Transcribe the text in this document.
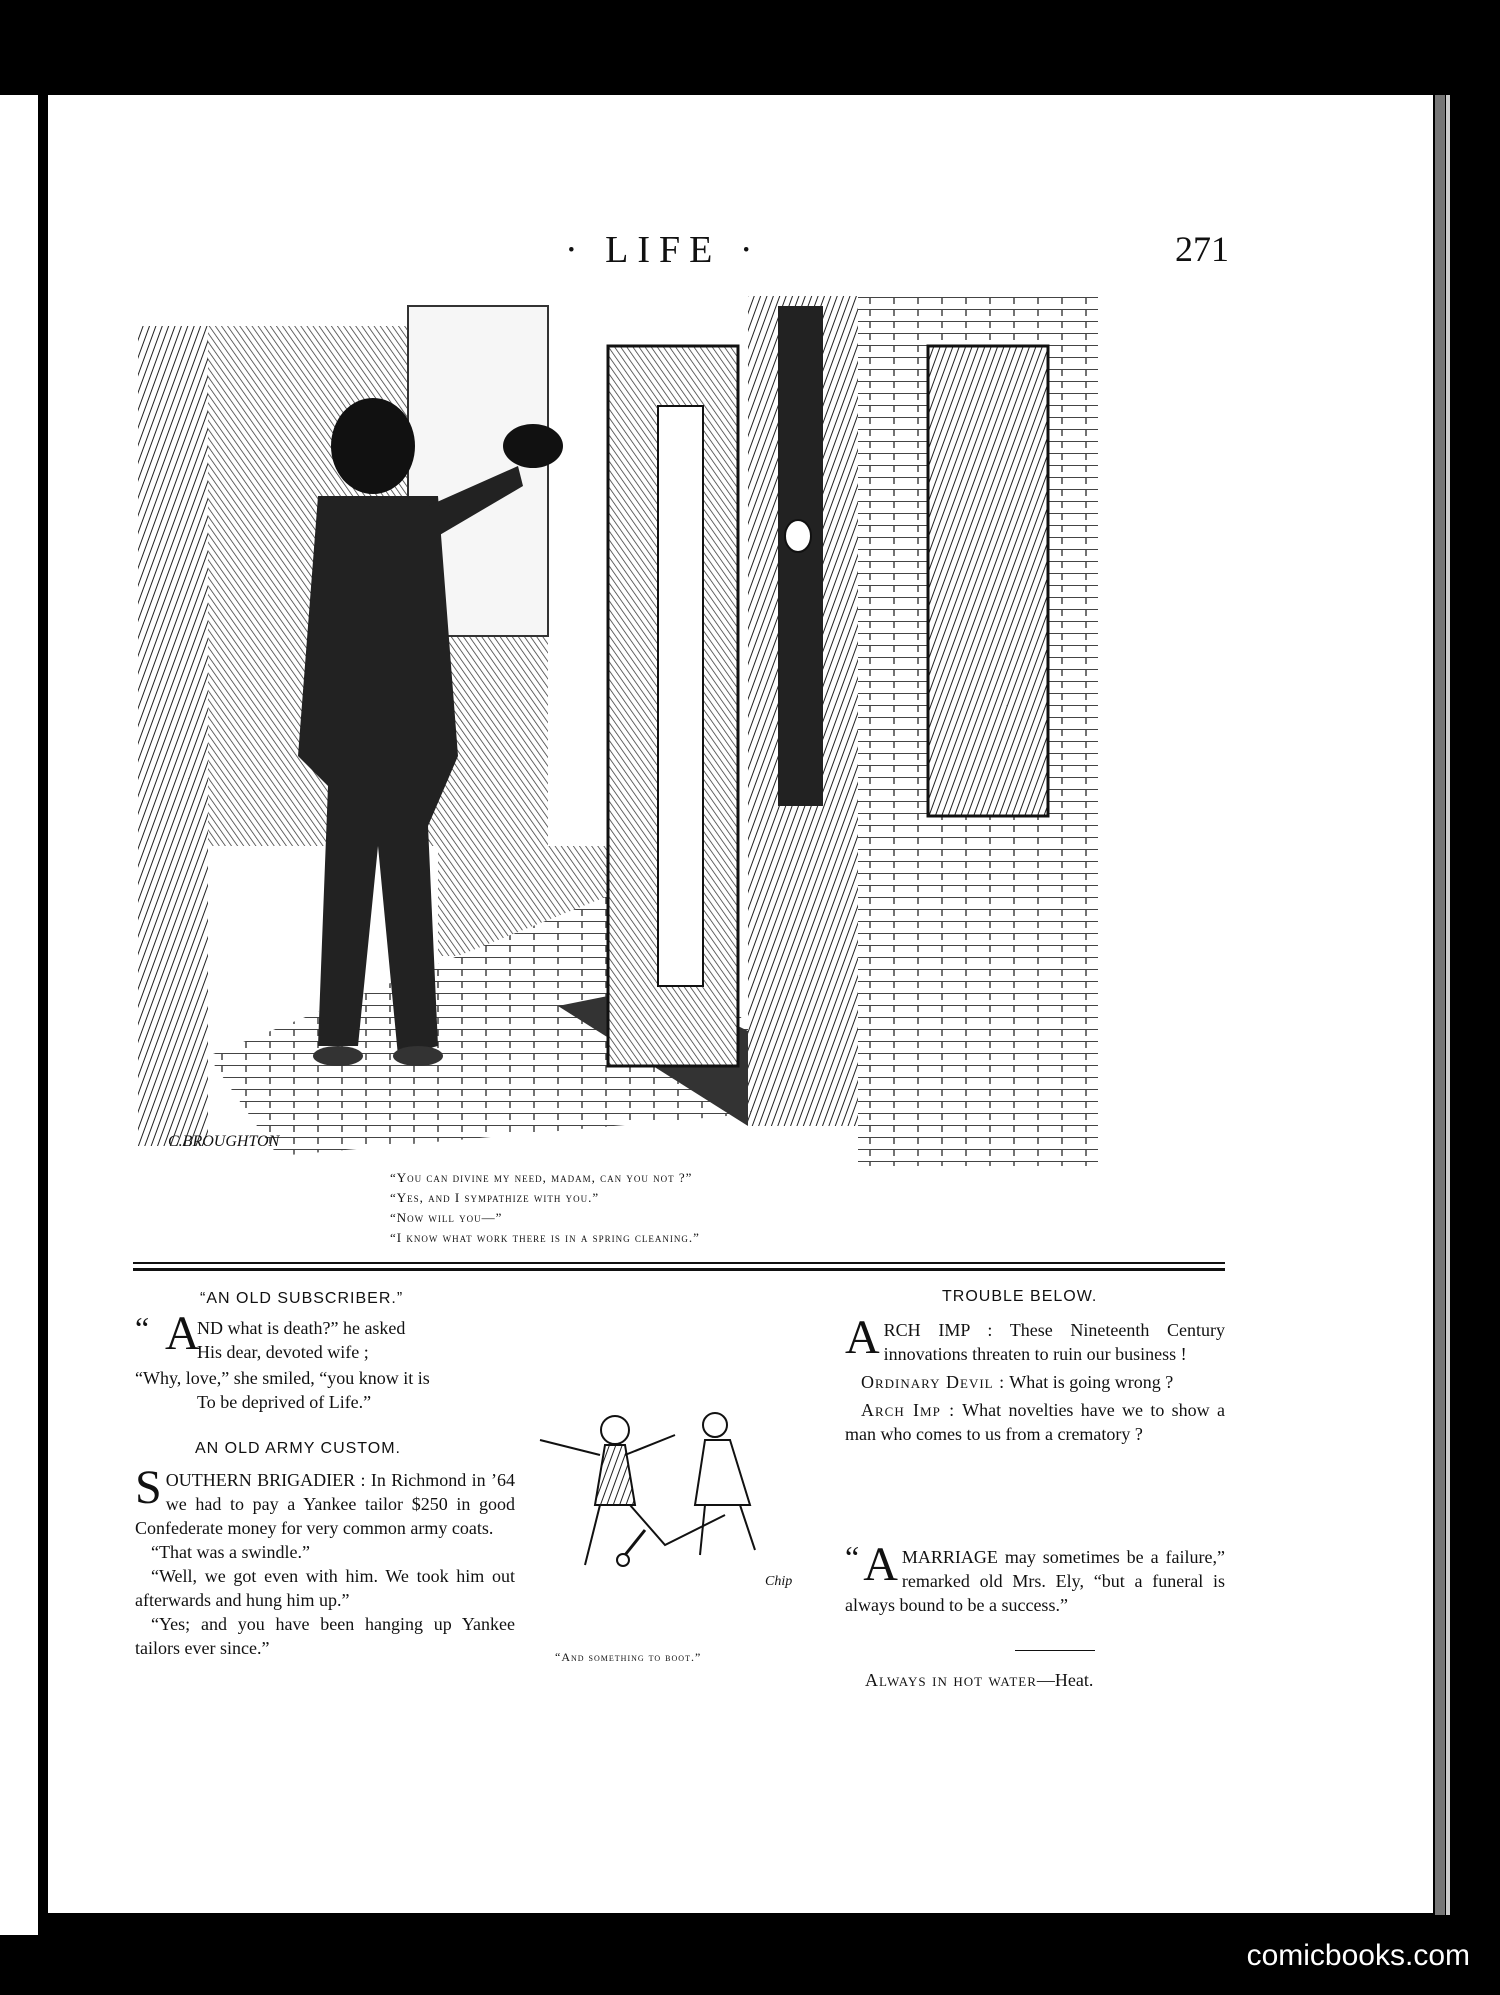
· LIFE ·	271
C.BROUGHTON
“You can divine my need, madam, can you not ?”
“Yes, and I sympathize with you.”
“Now will you—”
“I know what work there is in a spring cleaning.”
“AN OLD SUBSCRIBER.”
“ A
ND what is death?” he asked
His dear, devoted wife ;
“Why, love,” she smiled, “you know it is
To be deprived of Life.”
AN OLD ARMY CUSTOM.

SOUTHERN BRIGADIER : In Richmond in ’64 we had to pay a Yankee tailor $250 in good Confederate money for very common army coats.

“That was a swindle.”

“Well, we got even with him. We took him out afterwards and hung him up.”

“Yes; and you have been hanging up Yankee tailors ever since.”

Chip
“And something to boot.”
TROUBLE BELOW.

ARCH IMP : These Nineteenth Century innovations threaten to ruin our business !

Ordinary Devil : What is going wrong ?

Arch Imp : What novelties have we to show a man who comes to us from a crematory ?

“ A MARRIAGE may sometimes be a failure,” remarked old Mrs. Ely, “but a funeral is always bound to be a success.”

Always in hot water—Heat.
comicbooks.com
